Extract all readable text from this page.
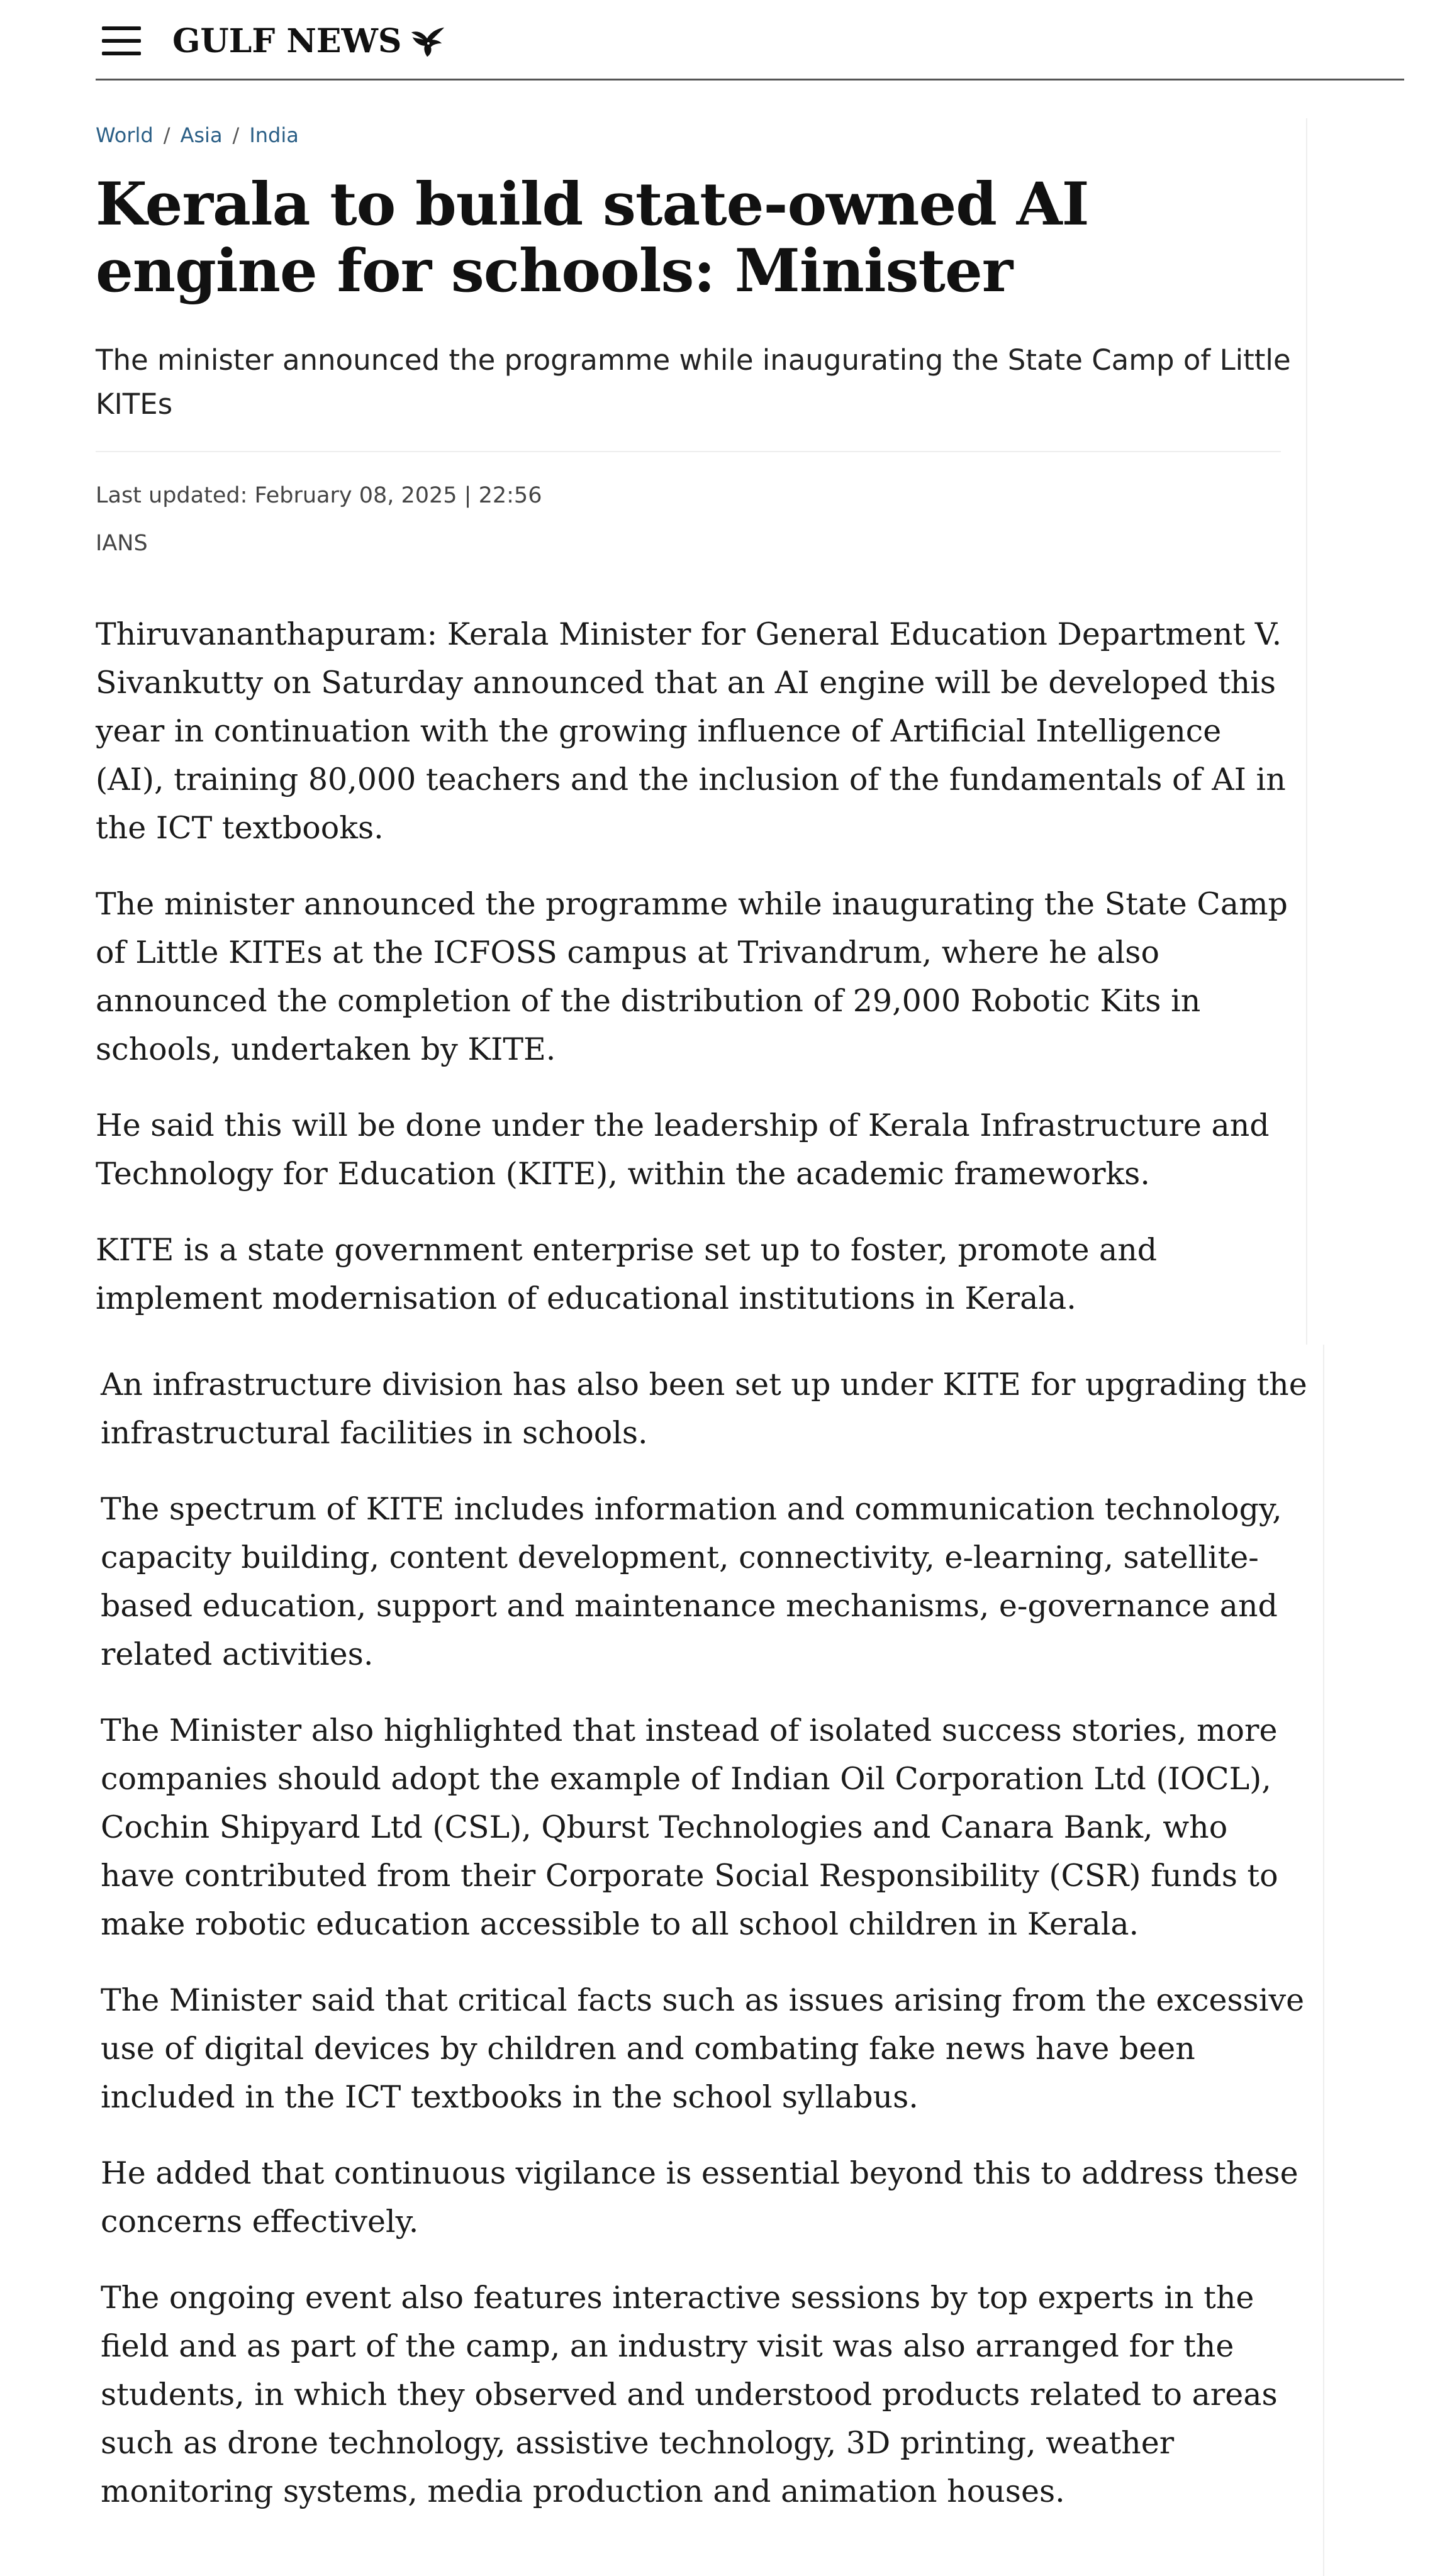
GULF NEWS
World / Asia / India
Kerala to build state-owned AI engine for schools: Minister

The minister announced the programme while inaugurating the State Camp of Little KITEs

Last updated: February 08, 2025 | 22:56
IANS

Thiruvananthapuram: Kerala Minister for General Education Department V. Sivankutty on Saturday announced that an AI engine will be developed this year in continuation with the growing influence of Artificial Intelligence (AI), training 80,000 teachers and the inclusion of the fundamentals of AI in the ICT textbooks.

The minister announced the programme while inaugurating the State Camp of Little KITEs at the ICFOSS campus at Trivandrum, where he also announced the completion of the distribution of 29,000 Robotic Kits in schools, undertaken by KITE.

He said this will be done under the leadership of Kerala Infrastructure and Technology for Education (KITE), within the academic frameworks.

KITE is a state government enterprise set up to foster, promote and implement modernisation of educational institutions in Kerala.

An infrastructure division has also been set up under KITE for upgrading the infrastructural facilities in schools.

The spectrum of KITE includes information and communication technology, capacity building, content development, connectivity, e-learning, satellite-based education, support and maintenance mechanisms, e-governance and related activities.

The Minister also highlighted that instead of isolated success stories, more companies should adopt the example of Indian Oil Corporation Ltd (IOCL), Cochin Shipyard Ltd (CSL), Qburst Technologies and Canara Bank, who have contributed from their Corporate Social Responsibility (CSR) funds to make robotic education accessible to all school children in Kerala.

The Minister said that critical facts such as issues arising from the excessive use of digital devices by children and combating fake news have been included in the ICT textbooks in the school syllabus.

He added that continuous vigilance is essential beyond this to address these concerns effectively.

The ongoing event also features interactive sessions by top experts in the field and as part of the camp, an industry visit was also arranged for the students, in which they observed and understood products related to areas such as drone technology, assistive technology, 3D printing, weather monitoring systems, media production and animation houses.
